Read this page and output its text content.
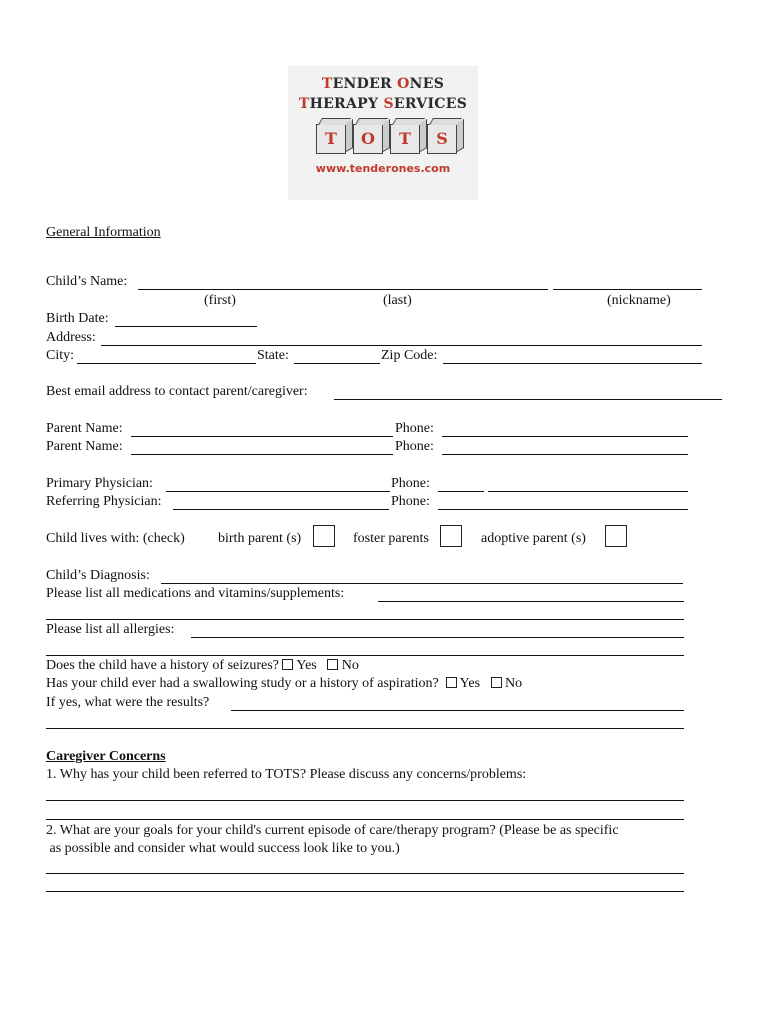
TENDER ONES
THERAPY SERVICES
T	O	T	S
www.tenderones.com
General Information
Child’s Name:
(first)	(last)	(nickname)
Birth Date:
Address:
City:	State:	Zip Code:
Best email address to contact parent/caregiver:
Parent Name:	Phone:
Parent Name:	Phone:
Primary Physician:	Phone:
Referring Physician:	Phone:
Child lives with: (check) birth parent (s)	foster parents	adoptive parent (s)
Child’s Diagnosis:
Please list all medications and vitamins/supplements:
Please list all allergies:
Does the child have a history of seizures? Yes No
Has your child ever had a swallowing study or a history of aspiration? Yes No
If yes, what were the results?
Caregiver Concerns
1. Why has your child been referred to TOTS? Please discuss any concerns/problems:
2. What are your goals for your child's current episode of care/therapy program? (Please be as specific
as possible and consider what would success look like to you.)
